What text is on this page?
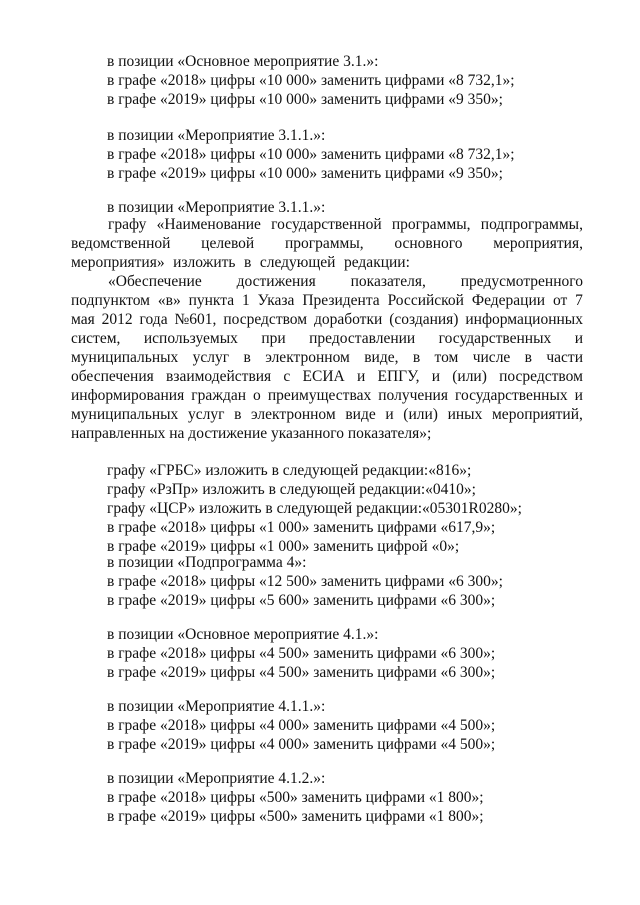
в позиции «Основное мероприятие 3.1.»:
в графе «2018» цифры «10 000» заменить цифрами «8 732,1»;
в графе «2019» цифры «10 000» заменить цифрами «9 350»;
в позиции «Мероприятие 3.1.1.»:
в графе «2018» цифры «10 000» заменить цифрами «8 732,1»;
в графе «2019» цифры «10 000» заменить цифрами «9 350»;
в позиции «Мероприятие 3.1.1.»:
графу «Наименование государственной программы, подпрограммы,
ведомственной целевой программы, основного мероприятия,
мероприятия» изложить в следующей редакции:
«Обеспечение достижения показателя, предусмотренного
подпунктом «в» пункта 1 Указа Президента Российской Федерации от 7
мая 2012 года №601, посредством доработки (создания) информационных
систем, используемых при предоставлении государственных и
муниципальных услуг в электронном виде, в том числе в части
обеспечения взаимодействия с ЕСИА и ЕПГУ, и (или) посредством
информирования граждан о преимуществах получения государственных и
муниципальных услуг в электронном виде и (или) иных мероприятий,
направленных на достижение указанного показателя»;
графу «ГРБС» изложить в следующей редакции:«816»;
графу «РзПр» изложить в следующей редакции:«0410»;
графу «ЦСР» изложить в следующей редакции:«05301R0280»;
в графе «2018» цифры «1 000» заменить цифрами «617,9»;
в графе «2019» цифры «1 000» заменить цифрой «0»;
в позиции «Подпрограмма 4»:
в графе «2018» цифры «12 500» заменить цифрами «6 300»;
в графе «2019» цифры «5 600» заменить цифрами «6 300»;
в позиции «Основное мероприятие 4.1.»:
в графе «2018» цифры «4 500» заменить цифрами «6 300»;
в графе «2019» цифры «4 500» заменить цифрами «6 300»;
в позиции «Мероприятие 4.1.1.»:
в графе «2018» цифры «4 000» заменить цифрами «4 500»;
в графе «2019» цифры «4 000» заменить цифрами «4 500»;
в позиции «Мероприятие 4.1.2.»:
в графе «2018» цифры «500» заменить цифрами «1 800»;
в графе «2019» цифры «500» заменить цифрами «1 800»;
